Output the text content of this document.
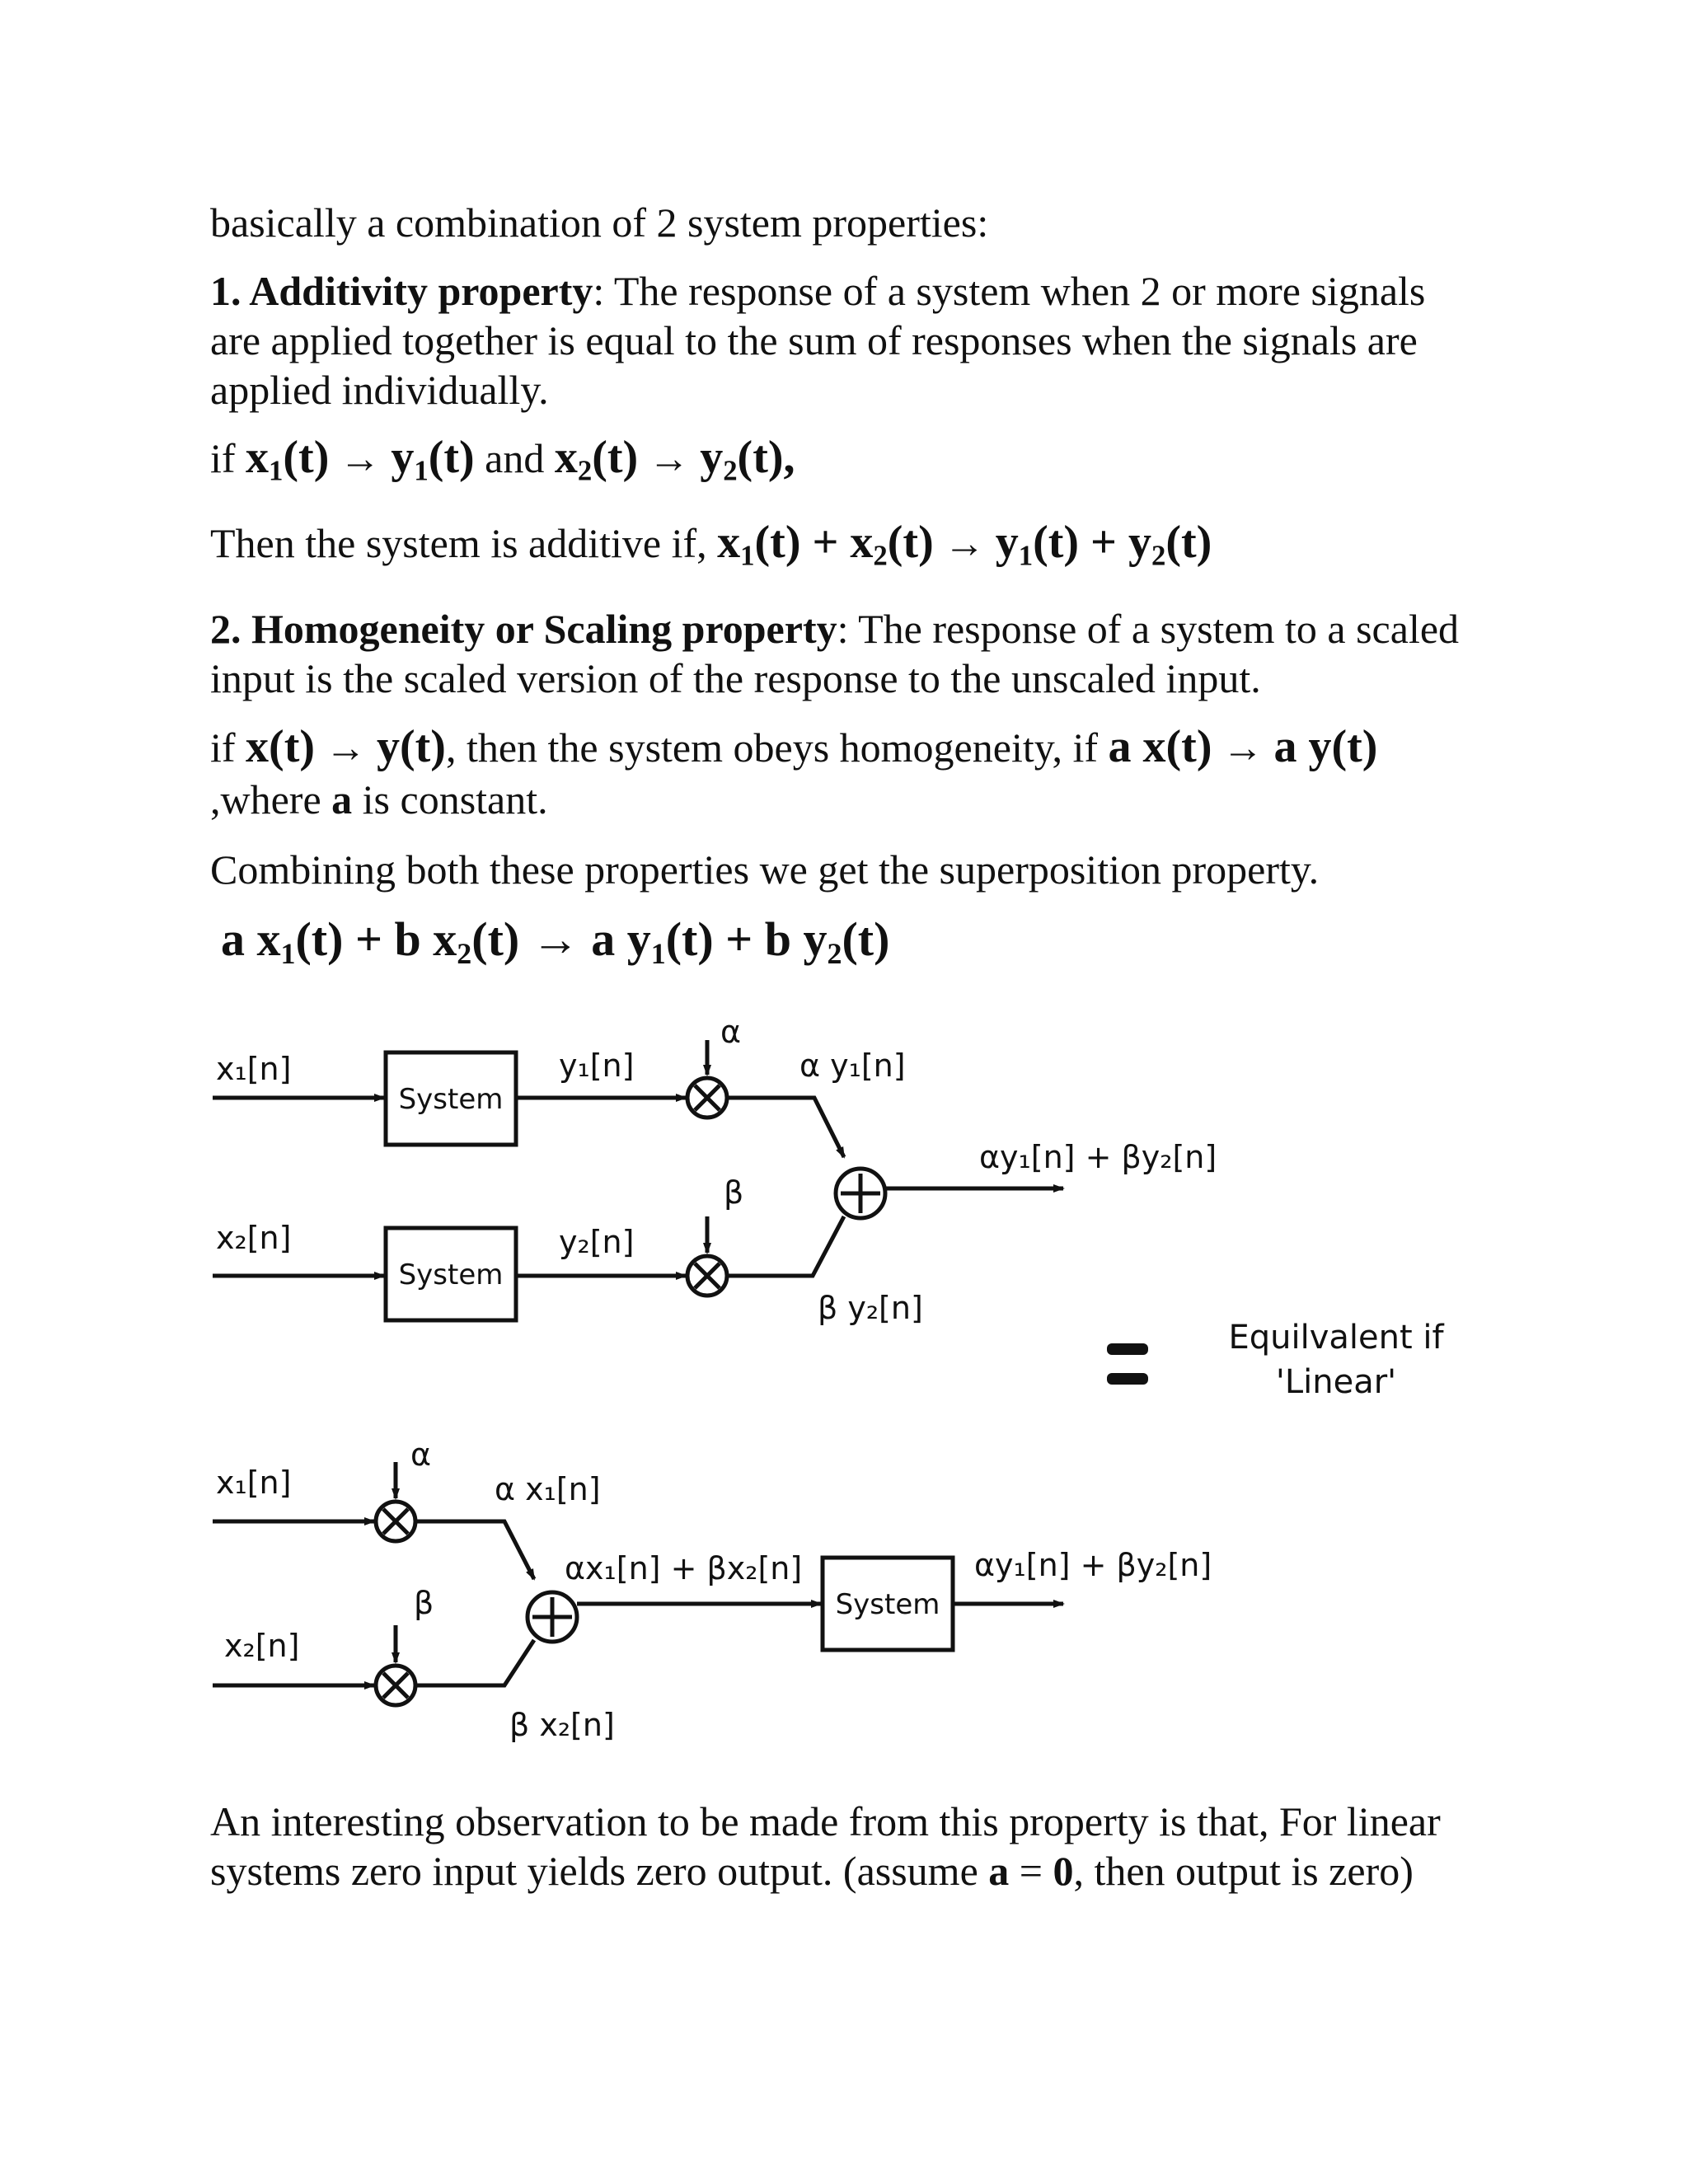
basically a combination of 2 system properties:
1. Additivity property: The response of a system when 2 or more signals
are applied together is equal to the sum of responses when the signals are
applied individually.
if $x_1(t) \to y_1(t)$ and $x_2(t) \to y_2(t)$,
Then the system is additive if, $x_1(t) + x_2(t) \to y_1(t) + y_2(t)$
2. Homogeneity or Scaling property: The response of a system to a scaled
input is the scaled version of the response to the unscaled input.
if x(t) → y(t), then the system obeys homogeneity, if a x(t) → a y(t)
,where a is constant.
Combining both these properties we get the superposition property.
a $x_1(t) + b$ $x_2(t) \to a$ $y_1(t) + b$ $y_2(t)$
x₁[n]
System
y₁[n]
α
α y₁[n]
αy₁[n] + βy₂[n]
x₂[n]
System
y₂[n]
β
β y₂[n]
Equilvalent if
'Linear'
x₁[n]
α
α x₁[n]
αx₁[n] + βx₂[n]
System
αy₁[n] + βy₂[n]
x₂[n]
β
β x₂[n]
An interesting observation to be made from this property is that, For linear
systems zero input yields zero output. (assume a = 0, then output is zero)
